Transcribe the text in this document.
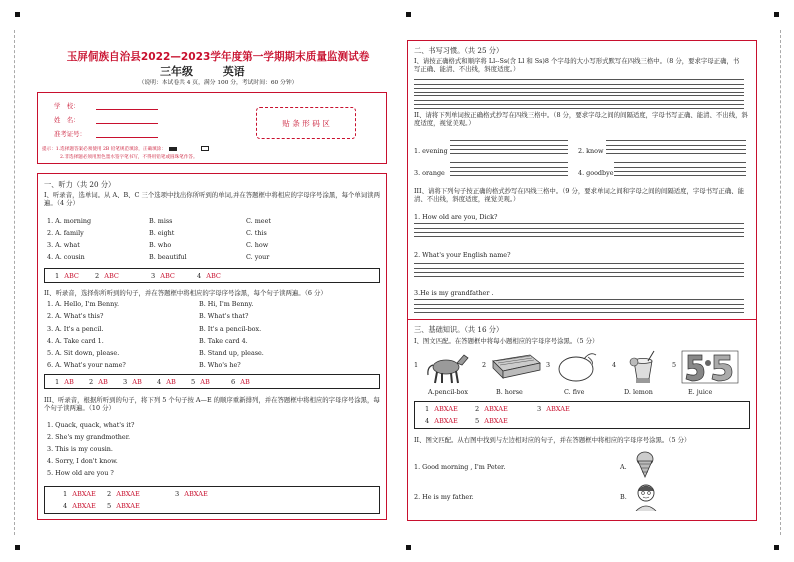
玉屏侗族自治县2022—2023学年度第一学期期末质量监测试卷
三年级	英语
（说明：本试卷共 4 页，满分 100 分，考试时间：60 分钟）
学　校：
姓　名：
准考证号：
贴 条 形 码 区
提示：1.选择题答案必须使用 2B 铅笔规范填涂，正确填涂：
2.非选择题必须用黑色墨水签字笔书写，不得用铅笔或圆珠笔作答。
一、听力（共 20 分）
I、听录音，选单词。从 A、B、C 三个选项中找出你所听到的单词,并在答题框中将相应的字母序号涂黑，每个单词读两遍。（4 分）
1. A. morning	B. miss	C. meet
2. A. family	B. eight	C. this
3. A. what	B. who	C. how
4. A. cousin	B. beautiful	C. your
1 ABC 2 ABC	3 ABC	4 ABC
II、听录音，选择你所听到的句子，并在答题框中将相应的字母序号涂黑，每个句子读两遍。（6 分）
1. A. Hello, I'm Benny.	B. Hi, I'm Benny.
2. A. What's this?	B. What's that?
3. A. It's a pencil.	B. It's a pencil-box.
4. A. Take card 1.	B. Take card 4.
5. A. Sit down, please.	B. Stand up, please.
6. A. What's your name?	B. Who's he?
1 AB 2 AB 3 AB 4 AB 5 AB	6 AB
III、听录音，根据所听到的句子，将下列 5 个句子按 A—E 的顺序重新排列，并在答题框中将相应的字母序号涂黑，每个句子读两遍。（10 分）
1. Quack, quack, what's it?
2. She's my grandmother.
3. This is my cousin.
4. Sorry, I don't know.
5. How old are you ?
1 ABXAE 2 ABXAE	3 ABXAE
4 ABXAE 5 ABXAE
二、书写习惯。（共 25 分）
I、请按正确格式和顺序将 Ll--Ss(含 Ll 和 Ss)8 个字母的大小写形式默写在四线三格中。（8 分，要求字母正确，书写正确、能清、不出线，斜度适度。）
II、请将下列单词按正确格式抄写在四线三格中。（8 分，要求字母之间的间隔适度，字母书写正确、能清、不出线，斜度适度，视觉美观。）
1. evening	2. know
3. orange	4. goodbye
III、请将下列句子按正确的格式抄写在四线三格中。（9 分，要求单词之间和字母之间的间隔适度，字母书写正确、能清、不出线，斜度适度，视觉美观。）
1. How old are you, Dick?
2. What's your English name?
3.He is my grandfather .
三、基础知识。（共 16 分）
I、图文匹配。在答题框中将每小题相应的字母序号涂黑。（5 分）
1	2	3	4	5
A.pencil-box	B. horse	C. five	D. lemon	E. juice
1 ABXAE	2 ABXAE	3 ABXAE
4 ABXAE	5 ABXAE
II、图文匹配。从右图中找到与左边相对应的句子，并在答题框中将相应的字母序号涂黑。（5 分）
1. Good morning , I'm Peter.	A.
2. He is my father.	B.
